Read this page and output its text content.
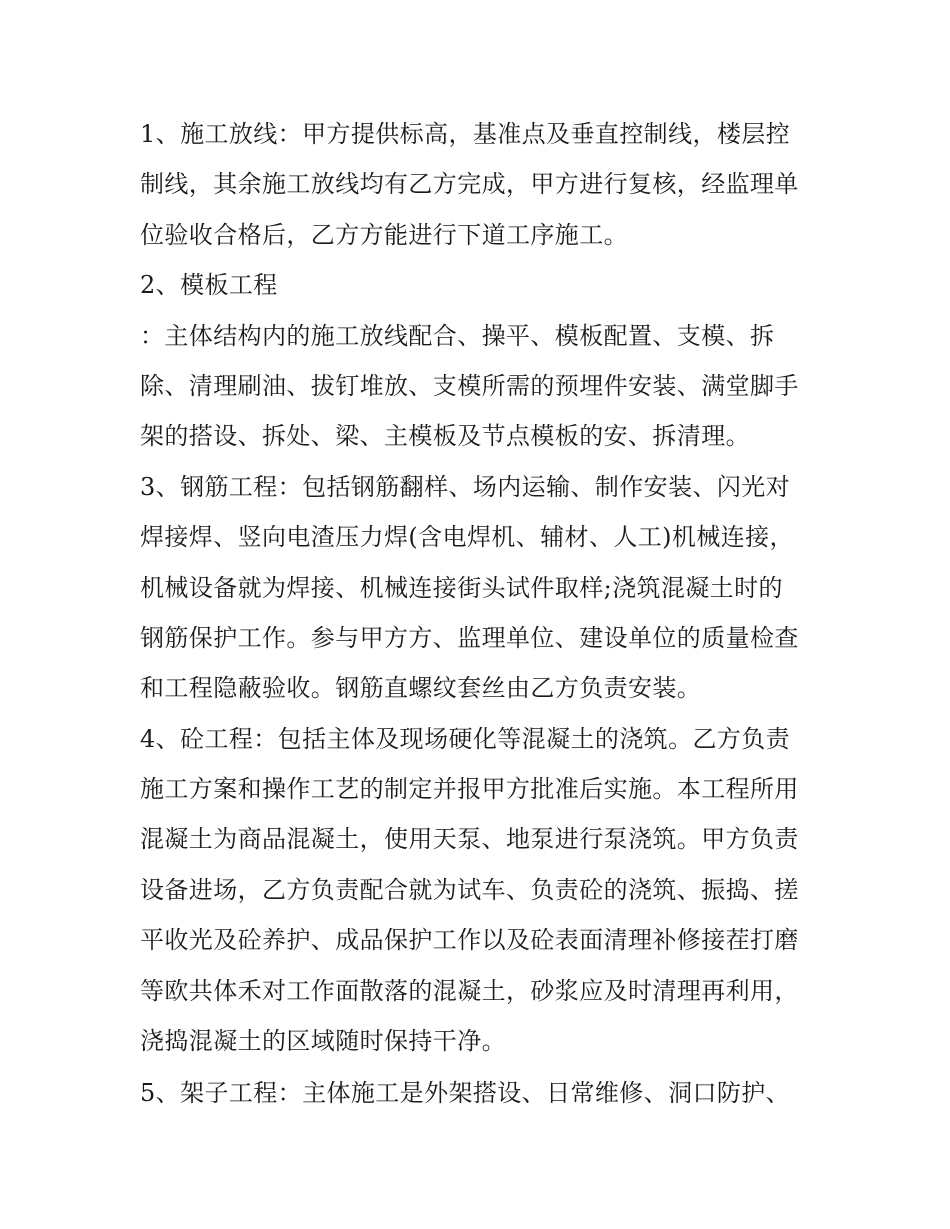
1、施工放线：甲方提供标高，基准点及垂直控制线，楼层控
制线，其余施工放线均有乙方完成，甲方进行复核，经监理单
位验收合格后，乙方方能进行下道工序施工。
2、模板工程
：主体结构内的施工放线配合、操平、模板配置、支模、拆
除、清理刷油、拔钉堆放、支模所需的预埋件安装、满堂脚手
架的搭设、拆处、梁、主模板及节点模板的安、拆清理。
3、钢筋工程：包括钢筋翻样、场内运输、制作安装、闪光对
焊接焊、竖向电渣压力焊(含电焊机、辅材、人工)机械连接，
机械设备就为焊接、机械连接街头试件取样;浇筑混凝土时的
钢筋保护工作。参与甲方方、监理单位、建设单位的质量检查
和工程隐蔽验收。钢筋直螺纹套丝由乙方负责安装。
4、砼工程：包括主体及现场硬化等混凝土的浇筑。乙方负责
施工方案和操作工艺的制定并报甲方批准后实施。本工程所用
混凝土为商品混凝土，使用天泵、地泵进行泵浇筑。甲方负责
设备进场，乙方负责配合就为试车、负责砼的浇筑、振捣、搓
平收光及砼养护、成品保护工作以及砼表面清理补修接茬打磨
等欧共体禾对工作面散落的混凝土，砂浆应及时清理再利用，
浇捣混凝土的区域随时保持干净。
5、架子工程：主体施工是外架搭设、日常维修、洞口防护、
